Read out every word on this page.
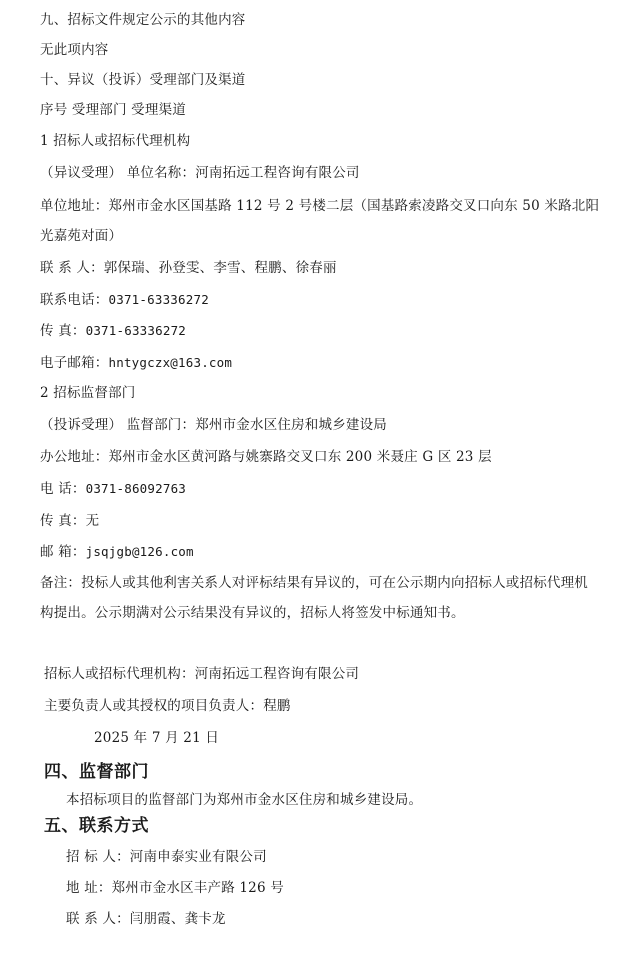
九、招标文件规定公示的其他内容
无此项内容
十、异议（投诉）受理部门及渠道
序号 受理部门 受理渠道
1 招标人或招标代理机构
（异议受理） 单位名称：河南拓远工程咨询有限公司
单位地址：郑州市金水区国基路 112 号 2 号楼二层（国基路索凌路交叉口向东 50 米路北阳
光嘉苑对面）
联 系 人：郭保瑞、孙登雯、李雪、程鹏、徐春丽
联系电话：0371-63336272
传 真：0371-63336272
电子邮箱：hntygczx@163.com
2 招标监督部门
（投诉受理） 监督部门：郑州市金水区住房和城乡建设局
办公地址：郑州市金水区黄河路与姚寨路交叉口东 200 米聂庄 G 区 23 层
电 话：0371-86092763
传 真：无
邮 箱：jsqjgb@126.com
备注：投标人或其他利害关系人对评标结果有异议的，可在公示期内向招标人或招标代理机
构提出。公示期满对公示结果没有异议的，招标人将签发中标通知书。
招标人或招标代理机构：河南拓远工程咨询有限公司
主要负责人或其授权的项目负责人：程鹏
2025 年 7 月 21 日
四、监督部门
本招标项目的监督部门为郑州市金水区住房和城乡建设局。
五、联系方式
招 标 人：河南申泰实业有限公司
地 址：郑州市金水区丰产路 126 号
联 系 人：闫朋霞、龚卡龙
